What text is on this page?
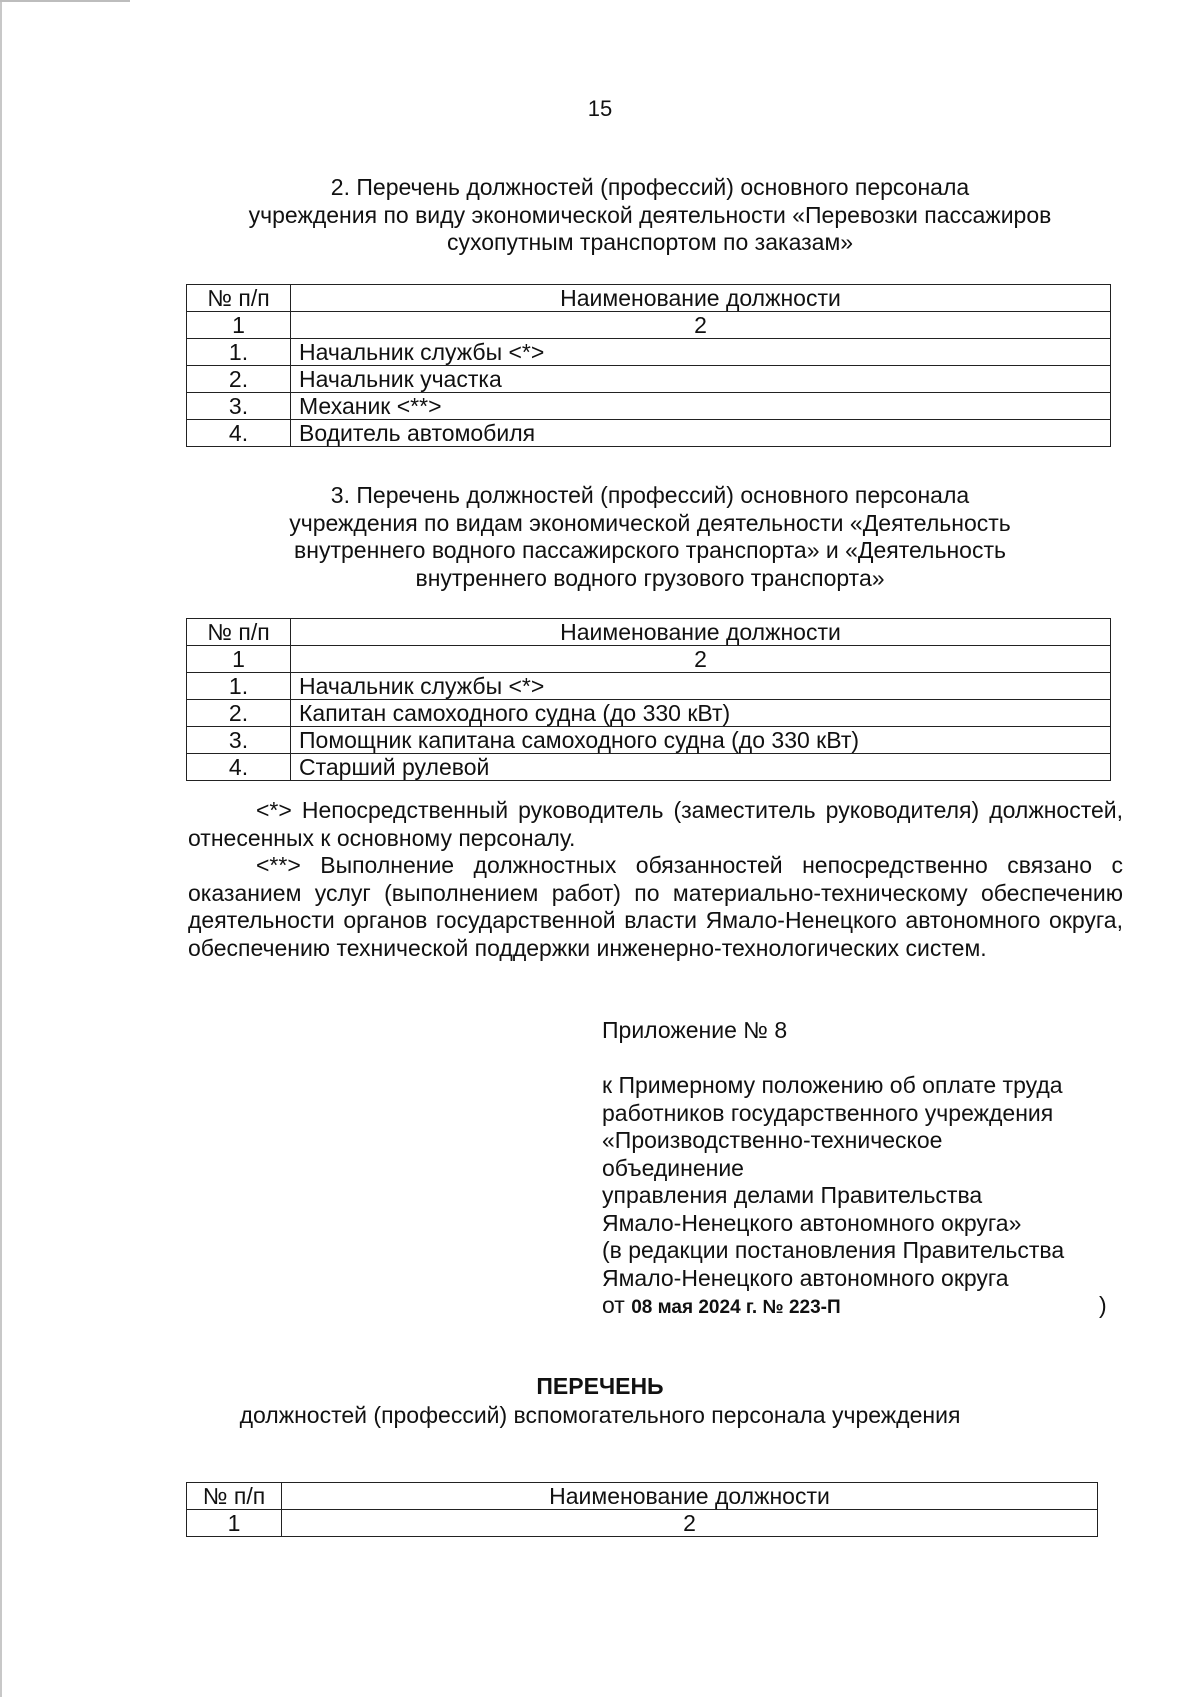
15
2. Перечень должностей (профессий) основного персонала
учреждения по виду экономической деятельности «Перевозки пассажиров
сухопутным транспортом по заказам»
№ п/п	Наименование должности
1	2
1.	Начальник службы <*>
2.	Начальник участка
3.	Механик <**>
4.	Водитель автомобиля
3. Перечень должностей (профессий) основного персонала
учреждения по видам экономической деятельности «Деятельность
внутреннего водного пассажирского транспорта» и «Деятельность
внутреннего водного грузового транспорта»
№ п/п	Наименование должности
1	2
1.	Начальник службы <*>
2.	Капитан самоходного судна (до 330 кВт)
3.	Помощник капитана самоходного судна (до 330 кВт)
4.	Старший рулевой

<*> Непосредственный руководитель (заместитель руководителя) должностей, отнесенных к основному персоналу.

<**> Выполнение должностных обязанностей непосредственно связано с оказанием услуг (выполнением работ) по материально-техническому обеспечению деятельности органов государственной власти Ямало-Ненецкого автономного округа, обеспечению технической поддержки инженерно-технологических систем.

Приложение № 8
к Примерному положению об оплате труда
работников государственного учреждения
«Производственно-техническое
объединение
управления делами Правительства
Ямало-Ненецкого автономного округа»
(в редакции постановления Правительства
Ямало-Ненецкого автономного округа
от 08 мая 2024 г. № 223-П	)
ПЕРЕЧЕНЬ
должностей (профессий) вспомогательного персонала учреждения
№ п/п	Наименование должности
1	2
